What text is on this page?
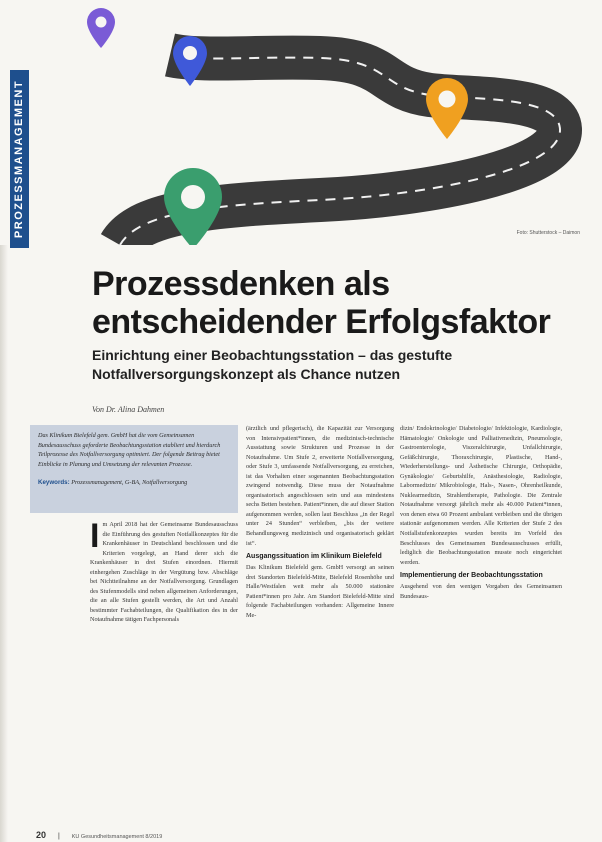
Foto: Shutterstock – Daimon
PROZESSMANAGEMENT
Prozessdenken als entscheidender Erfolgsfaktor
Einrichtung einer Beobachtungsstation – das gestufte Notfallversorgungskonzept als Chance nutzen
Von Dr. Alina Dahmen

Das Klinikum Bielefeld gem. GmbH hat die vom Gemeinsamen Bundesausschuss geforderte Beobachtungsstation etabliert und hierdurch Teilprozesse des Notfallversorgung optimiert. Der folgende Beitrag bietet Einblicke in Planung und Umsetzung der relevanten Prozesse.

Keywords: Prozessmanagement, G-BA, Notfallversorgung
I m April 2018 hat der Gemeinsame Bundesausschuss die Einführung des gestuften Notfallkonzeptes für die Krankenhäuser in Deutschland beschlossen und die Kriterien vorgelegt, an Hand derer sich die Krankenhäuser in drei Stufen einordnen. Hiermit einhergehen Zuschläge in der Vergütung bzw. Abschläge bei Nichtteilnahme an der Notfallversorgung. Grundlagen des Stufenmodells sind neben allgemeinen Anforderungen, die an alle Stufen gestellt werden, die Art und Anzahl bestimmter Fachabteilungen, die Qualifikation des in der Notaufnahme tätigen Fachpersonals

(ärztlich und pflegerisch), die Kapazität zur Versorgung von Intensivpatient*innen, die medizinisch-technische Ausstattung sowie Strukturen und Prozesse in der Notaufnahme. Um Stufe 2, erweiterte Notfallversorgung, oder Stufe 3, umfassende Notfallversorgung, zu erreichen, ist das Vorhalten einer sogenannten Beobachtungsstation zwingend notwendig. Diese muss der Notaufnahme organisatorisch angeschlossen sein und aus mindestens sechs Betten bestehen. Patient*innen, die auf dieser Station aufgenommen werden, sollen laut Beschluss „in der Regel unter 24 Stunden“ verbleiben, „bis der weitere Behandlungsweg medizinisch und organisatorisch geklärt ist“.

Ausgangssituation im Klinikum Bielefeld

Das Klinikum Bielefeld gem. GmbH versorgt an seinen drei Standorten Bielefeld-Mitte, Bielefeld Rosenhöhe und Halle/Westfalen weit mehr als 50.000 stationäre Patient*innen pro Jahr. Am Standort Bielefeld-Mitte sind folgende Fachabteilungen vorhanden: Allgemeine Innere Me-

dizin/ Endokrinologie/ Diabetologie/ Infektiologie, Kardiologie, Hämatologie/ Onkologie und Palliativmedizin, Pneumologie, Gastroenterologie, Viszeralchirurgie, Unfallchirurgie, Gefäßchirurgie, Thoraxchirurgie, Plastische, Hand-, Wiederherstellungs- und Ästhetische Chirurgie, Orthopädie, Gynäkologie/ Geburtshilfe, Anästhesiologie, Radiologie, Labormedizin/ Mikrobiologie, Hals-, Nasen-, Ohrenheilkunde, Nuklearmedizin, Strahlentherapie, Pathologie. Die Zentrale Notaufnahme versorgt jährlich mehr als 40.000 Patient*innen, von denen etwa 60 Prozent ambulant verbleiben und die übrigen stationär aufgenommen werden. Alle Kriterien der Stufe 2 des Notfallstufenkonzeptes wurden bereits im Vorfeld des Beschlusses des Gemeinsamen Bundesausschusses erfüllt, lediglich die Beobachtungsstation musste noch eingerichtet werden.

Implementierung der Beobachtungsstation

Ausgehend von den wenigen Vorgaben des Gemeinsamen Bundesaus-

20 | KU Gesundheitsmanagement 8/2019
